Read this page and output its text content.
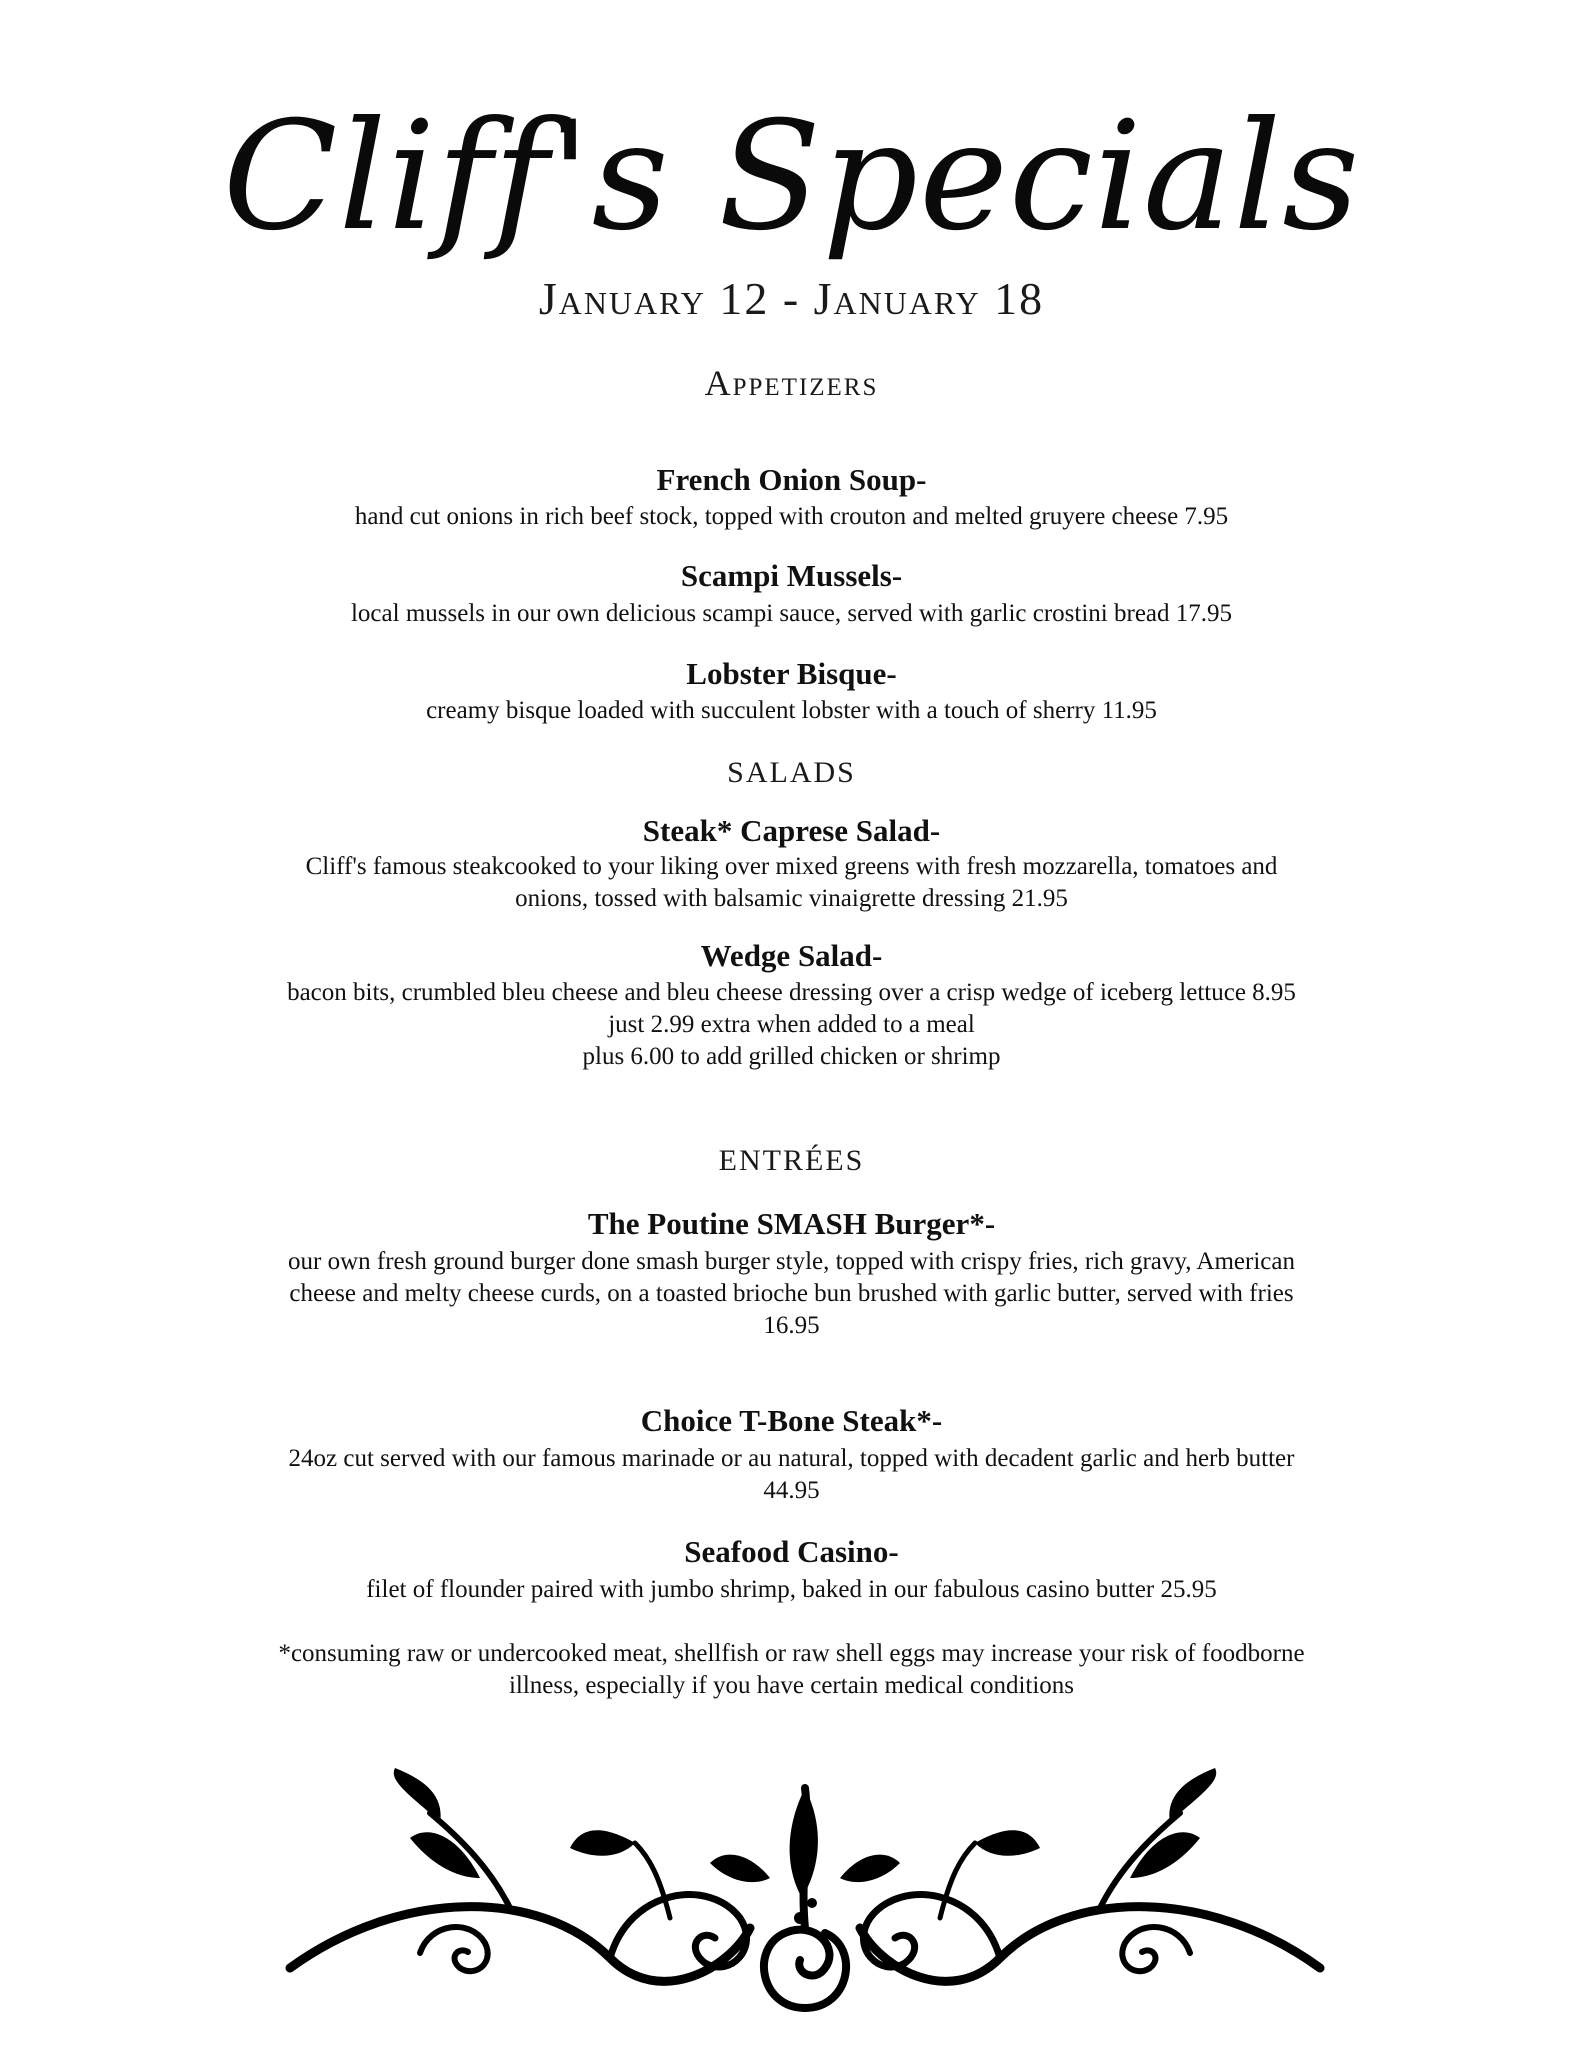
Cliff's Specials
January 12 - January 18
Appetizers
French Onion Soup-
hand cut onions in rich beef stock, topped with crouton and melted gruyere cheese 7.95
Scampi Mussels-
local mussels in our own delicious scampi sauce, served with garlic crostini bread 17.95
Lobster Bisque-
creamy bisque loaded with succulent lobster with a touch of sherry 11.95
SALADS
Steak* Caprese Salad-
Cliff's famous steakcooked to your liking over mixed greens with fresh mozzarella, tomatoes and
onions, tossed with balsamic vinaigrette dressing 21.95
Wedge Salad-
bacon bits, crumbled bleu cheese and bleu cheese dressing over a crisp wedge of iceberg lettuce 8.95
just 2.99 extra when added to a meal
plus 6.00 to add grilled chicken or shrimp
ENTRÉES
The Poutine SMASH Burger*-
our own fresh ground burger done smash burger style, topped with crispy fries, rich gravy, American
cheese and melty cheese curds, on a toasted brioche bun brushed with garlic butter, served with fries
16.95
Choice T-Bone Steak*-
24oz cut served with our famous marinade or au natural, topped with decadent garlic and herb butter
44.95
Seafood Casino-
filet of flounder paired with jumbo shrimp, baked in our fabulous casino butter 25.95
*consuming raw or undercooked meat, shellfish or raw shell eggs may increase your risk of foodborne
illness, especially if you have certain medical conditions
